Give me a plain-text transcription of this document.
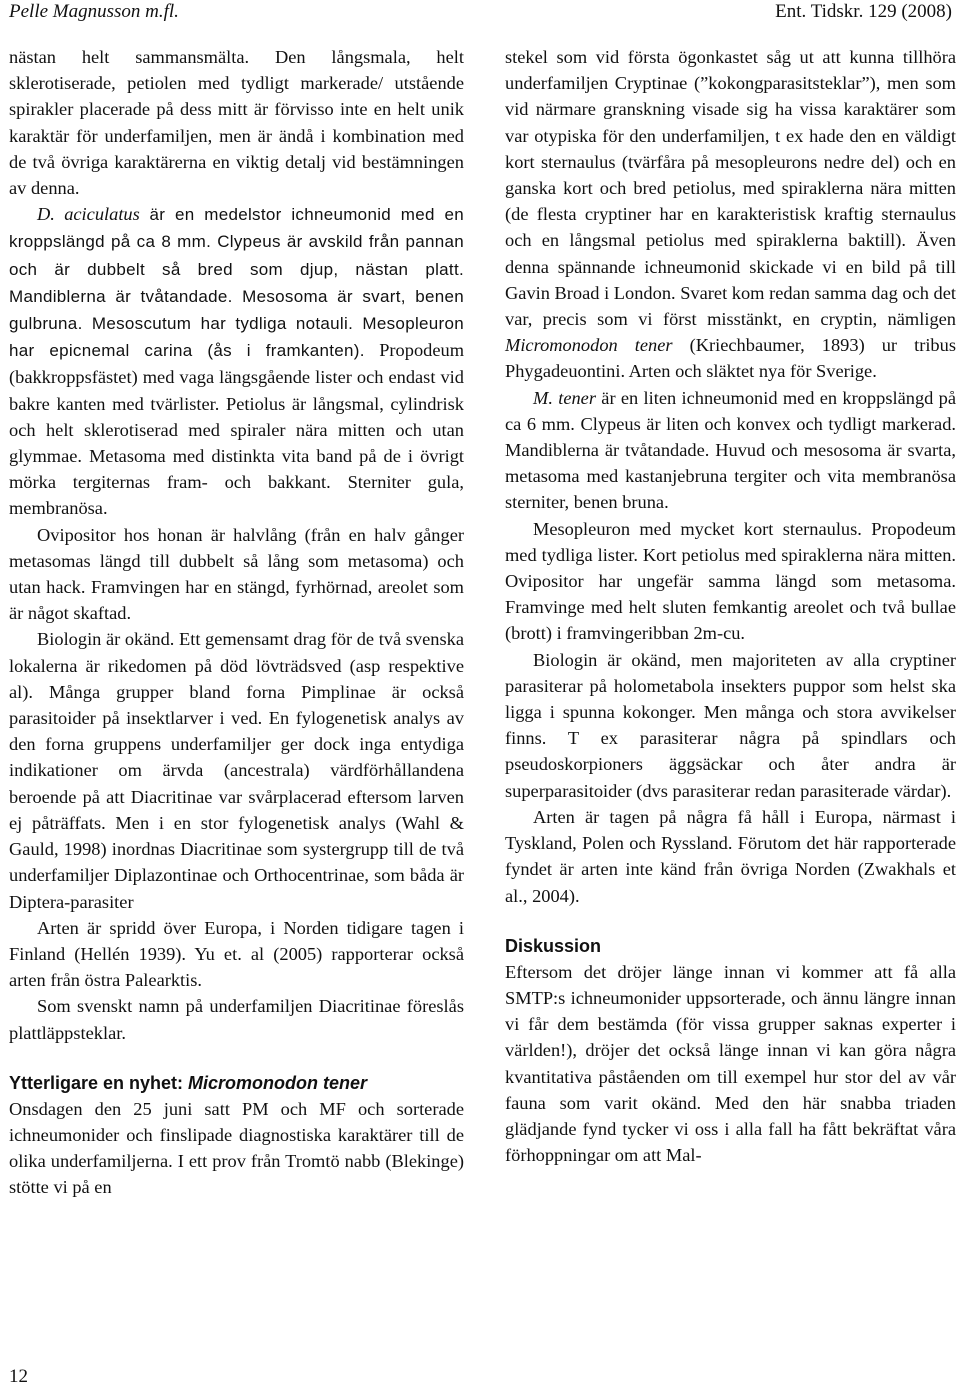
Pelle Magnusson m.fl.	Ent. Tidskr. 129 (2008)

nästan helt sammansmälta. Den långsmala, helt sklerotiserade, petiolen med tydligt markerade/ utstående spirakler placerade på dess mitt är förvisso inte en helt unik karaktär för underfamiljen, men är ändå i kombination med de två övriga karaktärerna en viktig detalj vid bestämningen av denna.

D. aciculatus är en medelstor ichneumonid med en kroppslängd på ca 8 mm. Clypeus är avskild från pannan och är dubbelt så bred som djup, nästan platt. Mandiblerna är tvåtandade. Mesosoma är svart, benen gulbruna. Mesoscutum har tydliga notauli. Mesopleuron har epicnemal carina (ås i framkanten). Propodeum (bakkroppsfästet) med vaga längsgående lister och endast vid bakre kanten med tvärlister. Petiolus är långsmal, cylindrisk och helt sklerotiserad med spiraler nära mitten och utan glymmae. Metasoma med distinkta vita band på de i övrigt mörka tergiternas fram- och bakkant. Sterniter gula, membranösa.

Ovipositor hos honan är halvlång (från en halv gånger metasomas längd till dubbelt så lång som metasoma) och utan hack. Framvingen har en stängd, fyrhörnad, areolet som är något skaftad.

Biologin är okänd. Ett gemensamt drag för de två svenska lokalerna är rikedomen på död lövträdsved (asp respektive al). Många grupper bland forna Pimplinae är också parasitoider på insektlarver i ved. En fylogenetisk analys av den forna gruppens underfamiljer ger dock inga entydiga indikationer om ärvda (ancestrala) värdförhållandena beroende på att Diacritinae var svårplacerad eftersom larven ej påträffats. Men i en stor fylogenetisk analys (Wahl & Gauld, 1998) inordnas Diacritinae som systergrupp till de två underfamiljer Diplazontinae och Orthocentrinae, som båda är Diptera-parasiter

Arten är spridd över Europa, i Norden tidigare tagen i Finland (Hellén 1939). Yu et. al (2005) rapporterar också arten från östra Palearktis.

Som svenskt namn på underfamiljen Diacritinae föreslås plattläppsteklar.

Ytterligare en nyhet: Micromonodon tener

Onsdagen den 25 juni satt PM och MF och sorterade ichneumonider och finslipade diagnostiska karaktärer till de olika underfamiljerna. I ett prov från Tromtö nabb (Blekinge) stötte vi på en

stekel som vid första ögonkastet såg ut att kunna tillhöra underfamiljen Cryptinae (”kokongparasitsteklar”), men som vid närmare granskning visade sig ha vissa karaktärer som var otypiska för den underfamiljen, t ex hade den en väldigt kort sternaulus (tvärfåra på mesopleurons nedre del) och en ganska kort och bred petiolus, med spiraklerna nära mitten (de flesta cryptiner har en karakteristisk kraftig sternaulus och en långsmal petiolus med spiraklerna baktill). Även denna spännande ichneumonid skickade vi en bild på till Gavin Broad i London. Svaret kom redan samma dag och det var, precis som vi först misstänkt, en cryptin, nämligen Micromonodon tener (Kriechbaumer, 1893) ur tribus Phygadeuontini. Arten och släktet nya för Sverige.

M. tener är en liten ichneumonid med en kroppslängd på ca 6 mm. Clypeus är liten och konvex och tydligt markerad. Mandiblerna är tvåtandade. Huvud och mesosoma är svarta, metasoma med kastanjebruna tergiter och vita membranösa sterniter, benen bruna.

Mesopleuron med mycket kort sternaulus. Propodeum med tydliga lister. Kort petiolus med spiraklerna nära mitten. Ovipositor har ungefär samma längd som metasoma. Framvinge med helt sluten femkantig areolet och två bullae (brott) i framvingeribban 2m-cu.

Biologin är okänd, men majoriteten av alla cryptiner parasiterar på holometabola insekters puppor som helst ska ligga i spunna kokonger. Men många och stora avvikelser finns. T ex parasiterar några på spindlars och pseudoskorpioners äggsäckar och åter andra är superparasitoider (dvs parasiterar redan parasiterade värdar).

Arten är tagen på några få håll i Europa, närmast i Tyskland, Polen och Ryssland. Förutom det här rapporterade fyndet är arten inte känd från övriga Norden (Zwakhals et al., 2004).

Diskussion

Eftersom det dröjer länge innan vi kommer att få alla SMTP:s ichneumonider uppsorterade, och ännu längre innan vi får dem bestämda (för vissa grupper saknas experter i världen!), dröjer det också länge innan vi kan göra några kvantitativa påståenden om till exempel hur stor del av vår fauna som varit okänd. Med den här snabba triaden glädjande fynd tycker vi oss i alla fall ha fått bekräftat våra förhoppningar om att Mal-

12
